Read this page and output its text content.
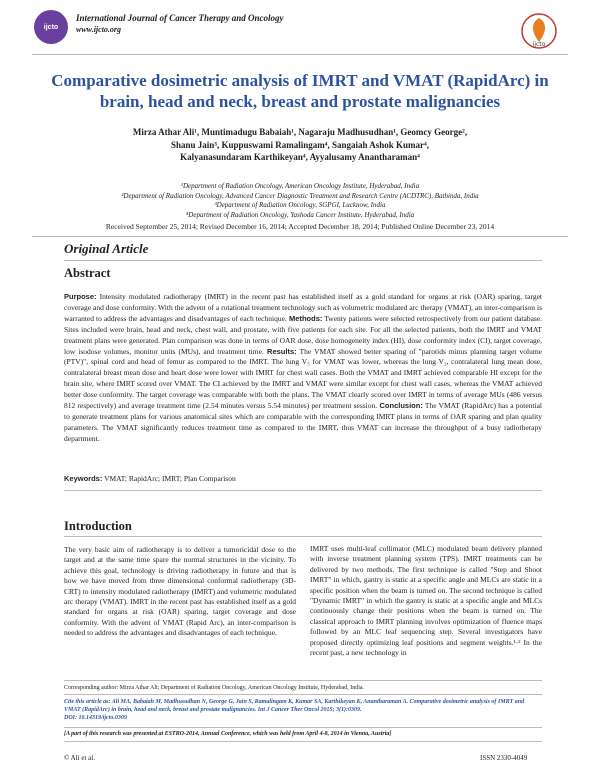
ijcto
International Journal of Cancer Therapy and Oncology
www.ijcto.org
ijcto
Comparative dosimetric analysis of IMRT and VMAT (RapidArc) in brain, head and neck, breast and prostate malignancies
Mirza Athar Ali¹, Muntimadugu Babaiah¹, Nagaraju Madhusudhan¹, Geomcy George²,
Shanu Jain³, Kuppuswami Ramalingam⁴, Sangaiah Ashok Kumar⁴,
Kalyanasundaram Karthikeyan⁴, Ayyalusamy Anantharaman⁴
¹Department of Radiation Oncology, American Oncology Institute, Hyderabad, India
²Department of Radiation Oncology, Advanced Cancer Diagnostic Treatment and Research Centre (ACDTRC), Bathinda, India
³Department of Radiation Oncology, SGPGI, Lucknow, India
⁴Department of Radiation Oncology, Yashoda Cancer Institute, Hyderabad, India
Received September 25, 2014; Revised December 16, 2014; Accepted December 18, 2014; Published Online December 23, 2014
Original Article
Abstract
Purpose: Intensity modulated radiotherapy (IMRT) in the recent past has established itself as a gold standard for organs at risk (OAR) sparing, target coverage and dose conformity. With the advent of a rotational treatment technology such as volumetric modulated arc therapy (VMAT), an inter-comparison is warranted to address the advantages and disadvantages of each technique. Methods: Twenty patients were selected retrospectively from our patient database. Sites included were brain, head and neck, chest wall, and prostate, with five patients for each site. For all the selected patients, both the IMRT and VMAT treatment plans were generated. Plan comparison was done in terms of OAR dose, dose homogeneity index (HI), dose conformity index (CI), target coverage, low isodose volumes, monitor units (MUs), and treatment time. Results: The VMAT showed better sparing of "parotids minus planning target volume (PTV)", spinal cord and head of femur as compared to the IMRT. The lung V₅ for VMAT was lower, whereas the lung V₂, contralateral lung mean dose, contralateral breast mean dose and heart dose were lower with IMRT for chest wall cases. Both the VMAT and IMRT achieved comparable HI except for the brain site, where IMRT scored over VMAT. The CI achieved by the IMRT and VMAT were similar except for chest wall cases, whereas the VMAT achieved better dose conformity. The target coverage was comparable with both the plans. The VMAT clearly scored over IMRT in terms of average MUs (486 versus 812 respectively) and average treatment time (2.54 minutes versus 5.54 minutes) per treatment session. Conclusion: The VMAT (RapidArc) has a potential to generate treatment plans for various anatomical sites which are comparable with the corresponding IMRT plans in terms of OAR sparing and plan quality parameters. The VMAT significantly reduces treatment time as compared to the IMRT, thus VMAT can increase the throughput of a busy radiotherapy department.
Keywords: VMAT; RapidArc; IMRT; Plan Comparison
Introduction
The very basic aim of radiotherapy is to deliver a tumoricidal dose to the target and at the same time spare the normal structures in the vicinity. To achieve this goal, technology is driving radiotherapy in future and that is how we have moved from three dimensional conformal radiotherapy (3D-CRT) to intensity modulated radiotherapy (IMRT) and volumetric modulated arc therapy (VMAT). IMRT in the recent past has established itself as a gold standard for organs at risk (OAR) sparing, target coverage and dose conformity. With the advent of VMAT (Rapid Arc), an inter-comparison is needed to address the advantages and disadvantages of each technique.
IMRT uses multi-leaf collimator (MLC) modulated beam delivery planned with inverse treatment planning system (TPS). IMRT treatments can be delivered by two methods. The first technique is called "Step and Shoot IMRT" in which, gantry is static at a specific angle and MLCs are static in a specific position when the beam is turned on. The second technique is called "Dynamic IMRT" in which the gantry is static at a specific angle and MLCs continuously change their positions when the beam is turned on. The classical approach to IMRT planning involves optimization of fluence maps followed by an MLC leaf sequencing step. Several investigators have proposed directly optimizing leaf positions and segment weights.¹·² In the recent past, a new technology in
Corresponding author: Mirza Athar Ali; Department of Radiation Oncology, American Oncology Institute, Hyderabad, India.
Cite this article as: Ali MA, Babaiah M, Madhusudhan N, George G, Jain S, Ramalingam K, Kumar SA, Karthikeyan K, Anantharaman A. Comparative dosimetric analysis of IMRT and VMAT (RapidArc) in brain, head and neck, breast and prostate malignancies. Int J Cancer Ther Oncol 2015; 3(1):0309.
DOI: 10.14319/ijcto.0309
[A part of this research was presented at ESTRO-2014, Annual Conference, which was held from April 4-8, 2014 in Vienna, Austria]
© Ali et al.	ISSN 2330-4049
